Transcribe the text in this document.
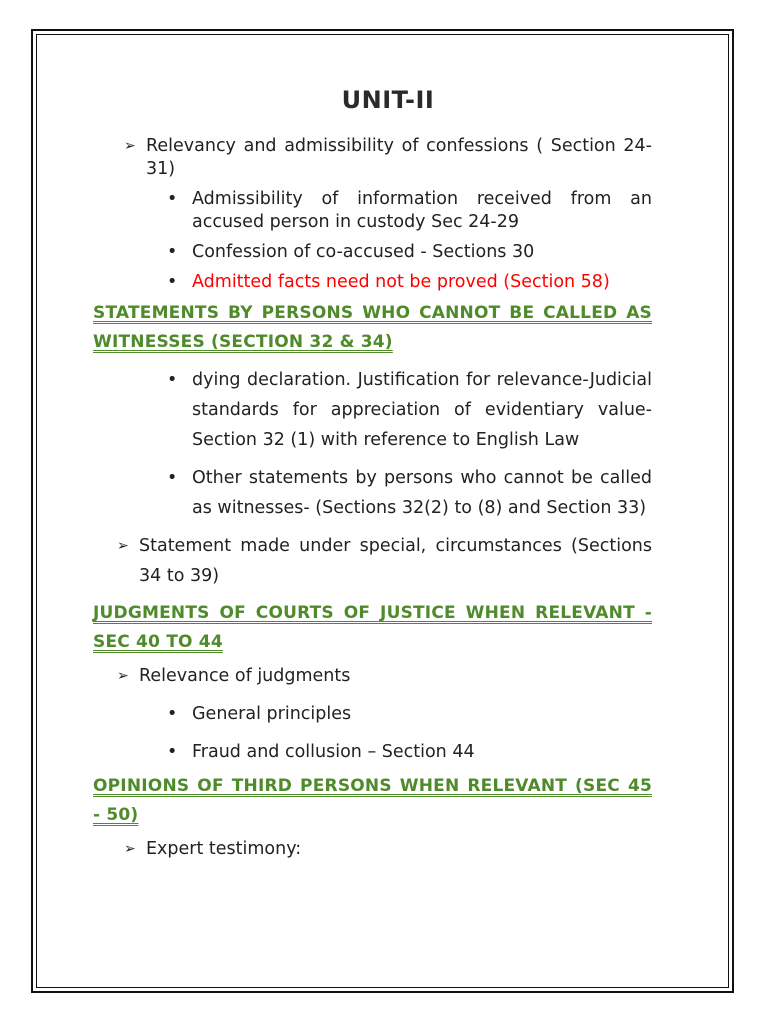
UNIT-II
➢ Relevancy and admissibility of confessions ( Section 24-31)
• Admissibility of information received from an accused person in custody Sec 24-29
• Confession of co-accused - Sections 30
• Admitted facts need not be proved (Section 58)
STATEMENTS BY PERSONS WHO CANNOT BE CALLED AS WITNESSES (SECTION 32 & 34)
• dying declaration. Justification for relevance-Judicial standards for appreciation of evidentiary value-Section 32 (1) with reference to English Law
• Other statements by persons who cannot be called as witnesses- (Sections 32(2) to (8) and Section 33)
➢ Statement made under special, circumstances (Sections 34 to 39)
JUDGMENTS OF COURTS OF JUSTICE WHEN RELEVANT - SEC 40 TO 44
➢ Relevance of judgments
• General principles
• Fraud and collusion – Section 44
OPINIONS OF THIRD PERSONS WHEN RELEVANT (SEC 45 - 50)
➢ Expert testimony:
